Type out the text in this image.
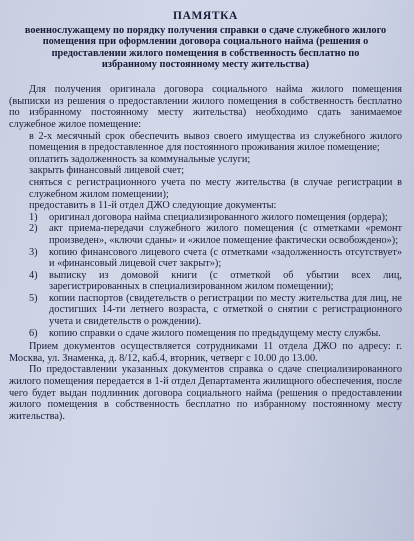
ПАМЯТКА
военнослужащему по порядку получения справки о сдаче служебного жилого помещения при оформлении договора социального найма (решения о предоставлении жилого помещения в собственность бесплатно по избранному постоянному месту жительства)

Для получения оригинала договора социального найма жилого помещения (выписки из решения о предоставлении жилого помещения в собственность бесплатно по избранному постоянному месту жительства) необходимо сдать занимаемое служебное жилое помещение:

в 2-х месячный срок обеспечить вывоз своего имущества из служебного жилого помещения в предоставленное для постоянного проживания жилое помещение;

оплатить задолженность за коммунальные услуги;

закрыть финансовый лицевой счет;

сняться с регистрационного учета по месту жительства (в случае регистрации в служебном жилом помещении);

предоставить в 11-й отдел ДЖО следующие документы:

1)	оригинал договора найма специализированного жилого помещения (ордера);
2)	акт приема-передачи служебного жилого помещения (с отметками «ремонт произведен», «ключи сданы» и «жилое помещение фактически освобождено»);
3)	копию финансового лицевого счета (с отметками «задолженность отсутствует» и «финансовый лицевой счет закрыт»);
4)	выписку из домовой книги (с отметкой об убытии всех лиц, зарегистрированных в специализированном жилом помещении);
5)	копии паспортов (свидетельств о регистрации по месту жительства для лиц, не достигших 14-ти летнего возраста, с отметкой о снятии с регистрационного учета и свидетельств о рождении).
6)	копию справки о сдаче жилого помещения по предыдущему месту службы.

Прием документов осуществляется сотрудниками 11 отдела ДЖО по адресу: г. Москва, ул. Знаменка, д. 8/12, каб.4, вторник, четверг с 10.00 до 13.00.

По предоставлении указанных документов справка о сдаче специализированного жилого помещения передается в 1-й отдел Департамента жилищного обеспечения, после чего будет выдан подлинник договора социального найма (решения о предоставлении жилого помещения в собственность бесплатно по избранному постоянному месту жительства).
